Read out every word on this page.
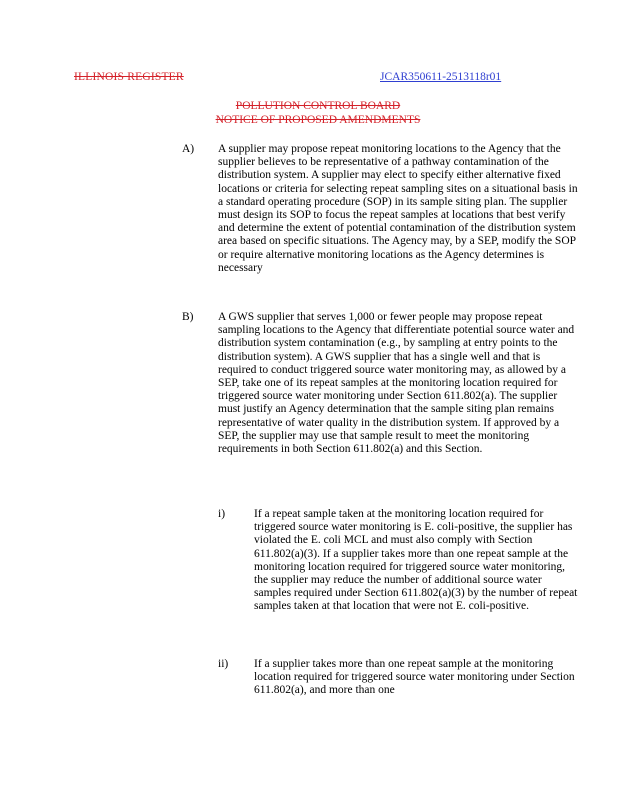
ILLINOIS REGISTER	JCAR350611-2513118r01
POLLUTION CONTROL BOARD
NOTICE OF PROPOSED AMENDMENTS
A) A supplier may propose repeat monitoring locations to the Agency that the supplier believes to be representative of a pathway contamination of the distribution system. A supplier may elect to specify either alternative fixed locations or criteria for selecting repeat sampling sites on a situational basis in a standard operating procedure (SOP) in its sample siting plan. The supplier must design its SOP to focus the repeat samples at locations that best verify and determine the extent of potential contamination of the distribution system area based on specific situations. The Agency may, by a SEP, modify the SOP or require alternative monitoring locations as the Agency determines is necessary
B) A GWS supplier that serves 1,000 or fewer people may propose repeat sampling locations to the Agency that differentiate potential source water and distribution system contamination (e.g., by sampling at entry points to the distribution system). A GWS supplier that has a single well and that is required to conduct triggered source water monitoring may, as allowed by a SEP, take one of its repeat samples at the monitoring location required for triggered source water monitoring under Section 611.802(a). The supplier must justify an Agency determination that the sample siting plan remains representative of water quality in the distribution system. If approved by a SEP, the supplier may use that sample result to meet the monitoring requirements in both Section 611.802(a) and this Section.
i)	If a repeat sample taken at the monitoring location required for triggered source water monitoring is E. coli-positive, the supplier has violated the E. coli MCL and must also comply with Section 611.802(a)(3). If a supplier takes more than one repeat sample at the monitoring location required for triggered source water monitoring, the supplier may reduce the number of additional source water samples required under Section 611.802(a)(3) by the number of repeat samples taken at that location that were not E. coli-positive.
ii) If a supplier takes more than one repeat sample at the monitoring location required for triggered source water monitoring under Section 611.802(a), and more than one
